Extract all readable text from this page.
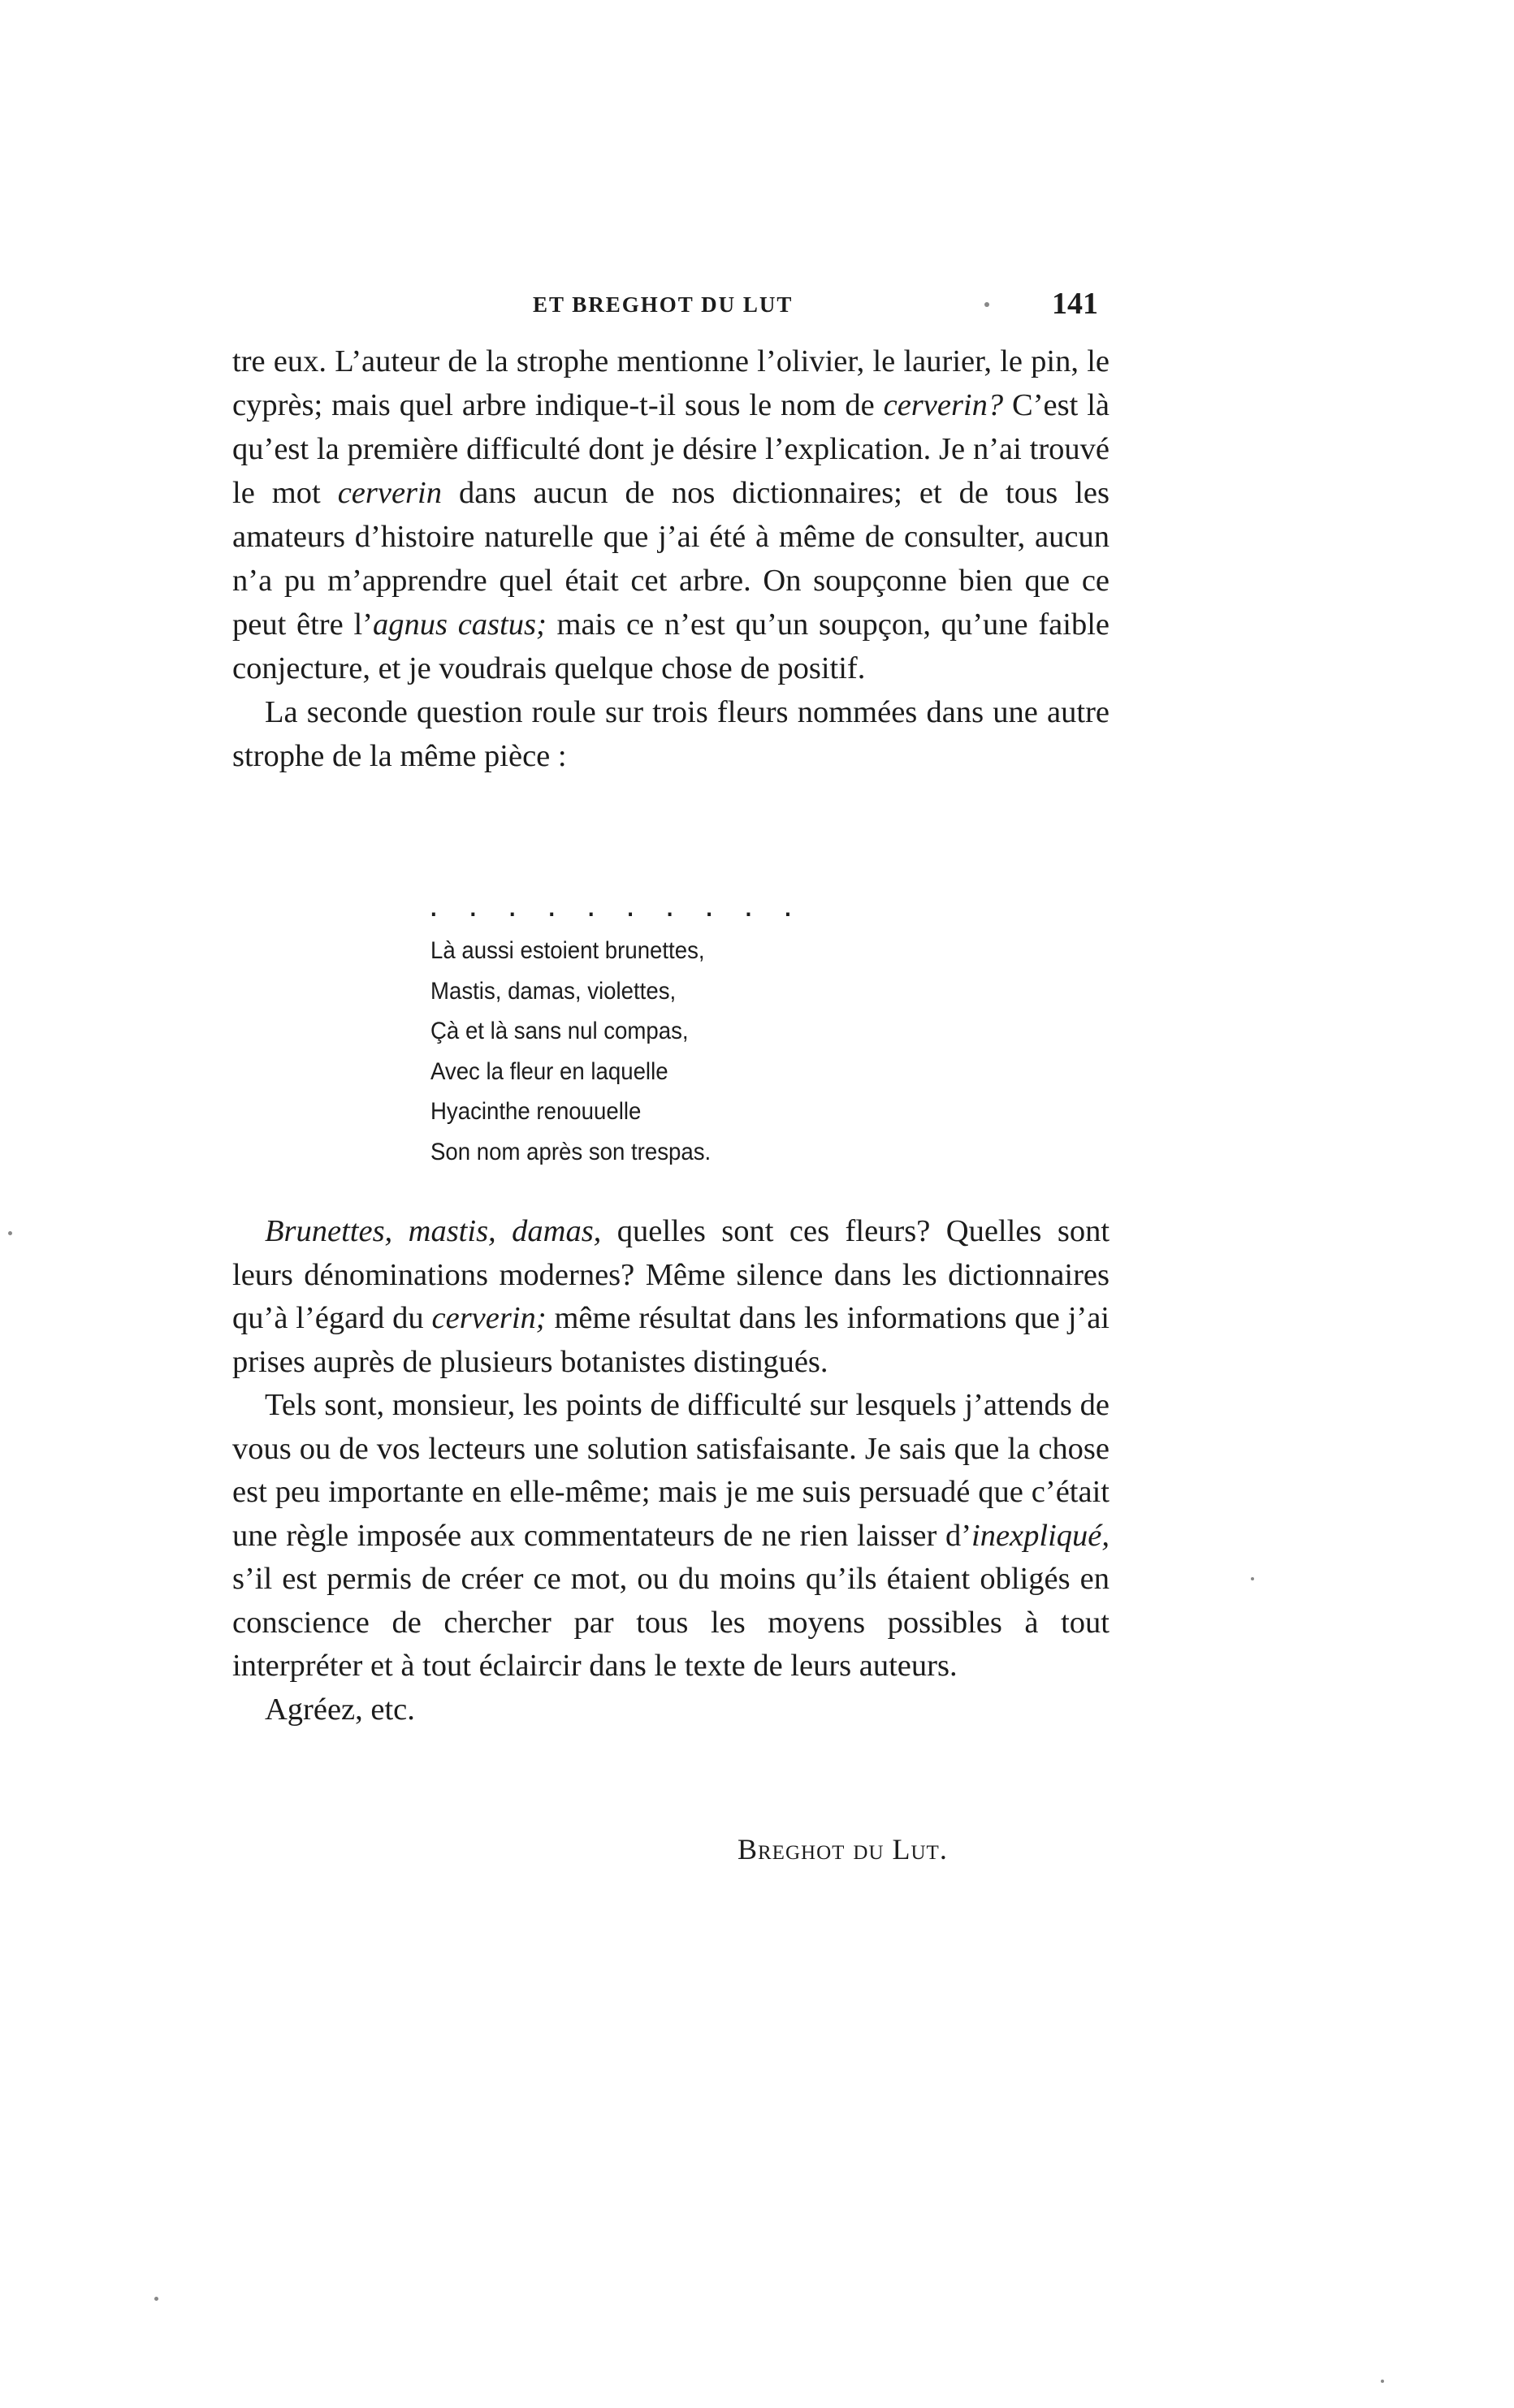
ET BREGHOT DU LUT	141

tre eux. L’auteur de la strophe mentionne l’olivier, le laurier, le pin, le cyprès; mais quel arbre indique-t-il sous le nom de cerverin? C’est là qu’est la première difficulté dont je désire l’explication. Je n’ai trouvé le mot cerverin dans aucun de nos dictionnaires; et de tous les amateurs d’histoire naturelle que j’ai été à même de consulter, aucun n’a pu m’apprendre quel était cet arbre. On soupçonne bien que ce peut être l’agnus castus; mais ce n’est qu’un soupçon, qu’une faible conjecture, et je voudrais quelque chose de positif.

La seconde question roule sur trois fleurs nommées dans une autre strophe de la même pièce :

. . . . . . . . . .
Là aussi estoient brunettes,
Mastis, damas, violettes,
Çà et là sans nul compas,
Avec la fleur en laquelle
Hyacinthe renouuelle
Son nom après son trespas.

Brunettes, mastis, damas, quelles sont ces fleurs? Quelles sont leurs dénominations modernes? Même silence dans les dictionnaires qu’à l’égard du cerverin; même résultat dans les informations que j’ai prises auprès de plusieurs botanistes distingués.

Tels sont, monsieur, les points de difficulté sur lesquels j’attends de vous ou de vos lecteurs une solution satisfaisante. Je sais que la chose est peu importante en elle-même; mais je me suis persuadé que c’était une règle imposée aux commentateurs de ne rien laisser d’inexpliqué, s’il est permis de créer ce mot, ou du moins qu’ils étaient obligés en conscience de chercher par tous les moyens possibles à tout interpréter et à tout éclaircir dans le texte de leurs auteurs.

Agréez, etc.

Breghot du Lut.
